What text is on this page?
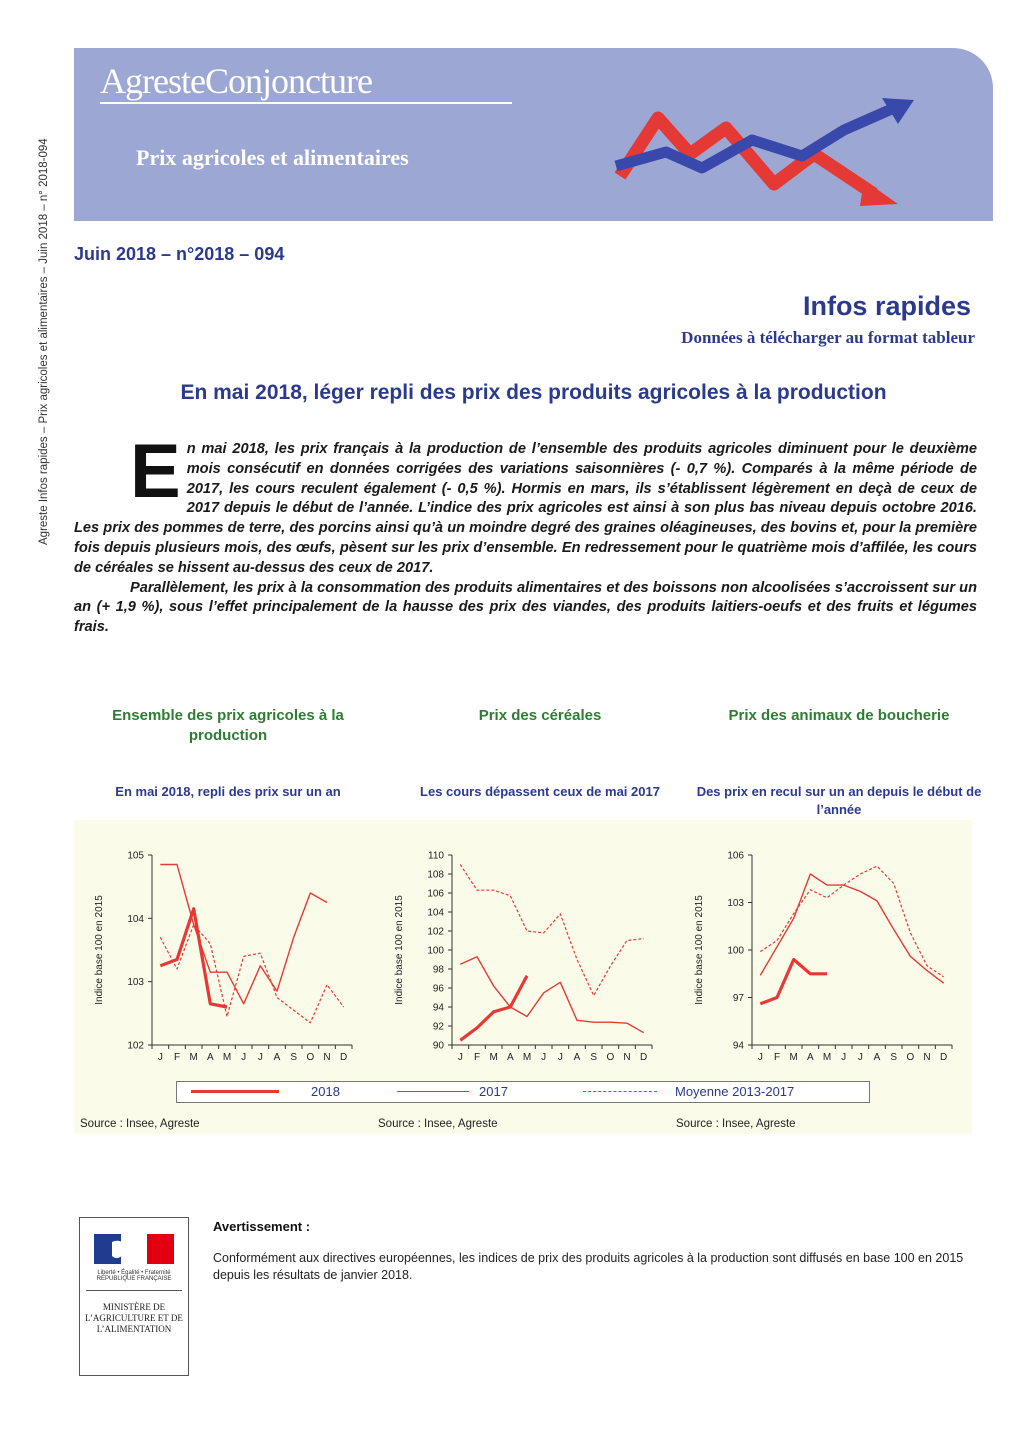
Agreste Infos rapides – Prix agricoles et alimentaires – Juin 2018 – n° 2018-094
AgresteConjoncture
Prix agricoles et alimentaires
Juin 2018 – n°2018 – 094
Infos rapides
Données à télécharger au format tableur
En mai 2018, léger repli des prix des produits agricoles à la production

En mai 2018, les prix français à la production de l’ensemble des produits agricoles diminuent pour le deuxième mois consécutif en données corrigées des variations saisonnières (- 0,7 %). Comparés à la même période de 2017, les cours reculent également (- 0,5 %). Hormis en mars, ils s’établissent légèrement en deçà de ceux de 2017 depuis le début de l’année. L’indice des prix agricoles est ainsi à son plus bas niveau depuis octobre 2016. Les prix des pommes de terre, des porcins ainsi qu’à un moindre degré des graines oléagineuses, des bovins et, pour la première fois depuis plusieurs mois, des œufs, pèsent sur les prix d’ensemble. En redressement pour le quatrième mois d’affilée, les cours de céréales se hissent au-dessus des ceux de 2017.

Parallèlement, les prix à la consommation des produits alimentaires et des boissons non alcoolisées s’accroissent sur un an (+ 1,9 %), sous l’effet principalement de la hausse des prix des viandes, des produits laitiers-oeufs et des fruits et légumes frais.

Ensemble des prix agricoles à la production
Prix des céréales	Prix des animaux de boucherie
En mai 2018, repli des prix sur un an	Les cours dépassent ceux de mai 2017	Des prix en recul sur un an depuis le début de l’année
102
103
104
105
J F M A M J J A S O N D
Indice base 100 en 2015
90
92
94
96
98
100
102
104
106
108
110
J F M A M J J A S O N D
Indice base 100 en 2015
94
97
100
103
106
J F M A M J J A S O N D
Indice base 100 en 2015
2018	2017	Moyenne 2013-2017
Source : Insee, Agreste	Source : Insee, Agreste	Source : Insee, Agreste
Liberté • Égalité • Fraternité RÉPUBLIQUE FRANÇAISE
MINISTÈRE DE L’AGRICULTURE ET DE L’ALIMENTATION
Avertissement :
Conformément aux directives européennes, les indices de prix des produits agricoles à la production sont diffusés en base 100 en 2015 depuis les résultats de janvier 2018.
